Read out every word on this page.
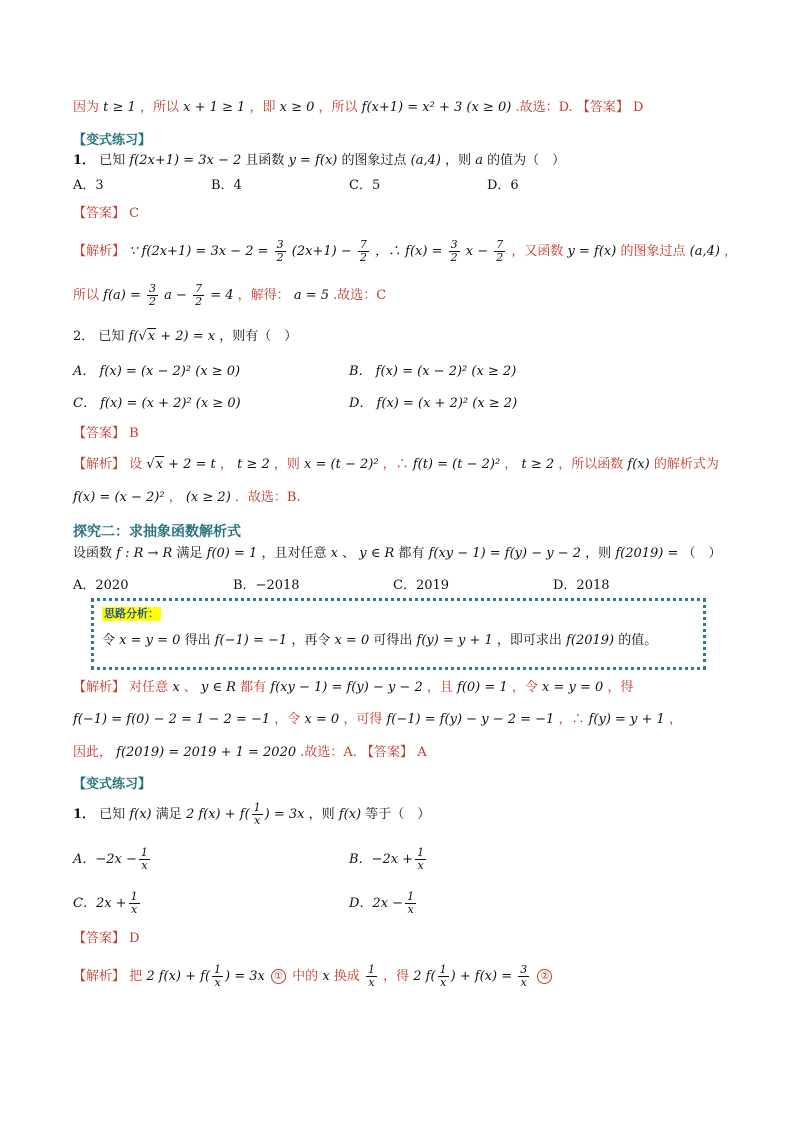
因为 t ≥ 1 ，所以 x + 1 ≥ 1 ，即 x ≥ 0 ，所以 f(x+1) = x² + 3 (x ≥ 0) .故选：D. 【答案】 D
【变式练习】
1． 已知 f(2x+1) = 3x − 2 且函数 y = f(x) 的图象过点 (a,4) ，则 a 的值为（　）
A．3	B．4	C．5	D．6
【答案】 C
【解析】 ∵ $f(2x+1) = 3x - 2 = \frac{3}{2} (2x+1) - \frac{7}{2}$ ，∴ $f(x) = \frac{3}{2}$ $x - \frac{7}{2}$ ，又函数 y = f(x) 的图象过点 (a,4) ，
所以 $f(a) = \frac{3}{2}$ $a - \frac{7}{2} = 4$ ，解得： a = 5 .故选：C
2． 已知 f(√x + 2) = x ，则有（　）
A． f(x) = (x − 2)² (x ≥ 0)	B． f(x) = (x − 2)² (x ≥ 2)
C． f(x) = (x + 2)² (x ≥ 0)	D． f(x) = (x + 2)² (x ≥ 2)
【答案】 B
【解析】 设 √x + 2 = t ， t ≥ 2 ，则 x = (t − 2)² ，∴ f(t) = (t − 2)² ， t ≥ 2 ，所以函数 f(x) 的解析式为
f(x) = (x − 2)² ， (x ≥ 2) ．故选：B.
探究二：求抽象函数解析式
设函数 f : R → R 满足 f(0) = 1 ，且对任意 x 、 y ∈ R 都有 f(xy − 1) = f(y) − y − 2 ，则 f(2019) = （　）
A．2020	B．−2018	C．2019	D．2018
思路分析：
令 x = y = 0 得出 f(−1) = −1 ，再令 x = 0 可得出 f(y) = y + 1 ，即可求出 f(2019) 的值。
【解析】 对任意 x 、 y ∈ R 都有 f(xy − 1) = f(y) − y − 2 ，且 f(0) = 1 ，令 x = y = 0 ，得
f(−1) = f(0) − 2 = 1 − 2 = −1 ，令 x = 0 ，可得 f(−1) = f(y) − y − 2 = −1 ，∴ f(y) = y + 1 ，
因此， f(2019) = 2019 + 1 = 2020 .故选：A. 【答案】 A
【变式练习】
1． 已知 f(x) 满足 2 $f(x) + f( \frac{1}{x}$ ) = 3x ，则 f(x) 等于（　）
A．$-2x - \frac{1}{x}$	B．$-2x + \frac{1}{x}$
C．$2x + \frac{1}{x}$	D．$2x - \frac{1}{x}$
【答案】 D
【解析】 把 2 $f(x) + f( \frac{1}{x}$ ) = 3x ① 中的 x 换成 $\frac{1}{x}$ ，得 2 $f( \frac{1}{x}$ ) + $f(x) = \frac{3}{x}$ ②
